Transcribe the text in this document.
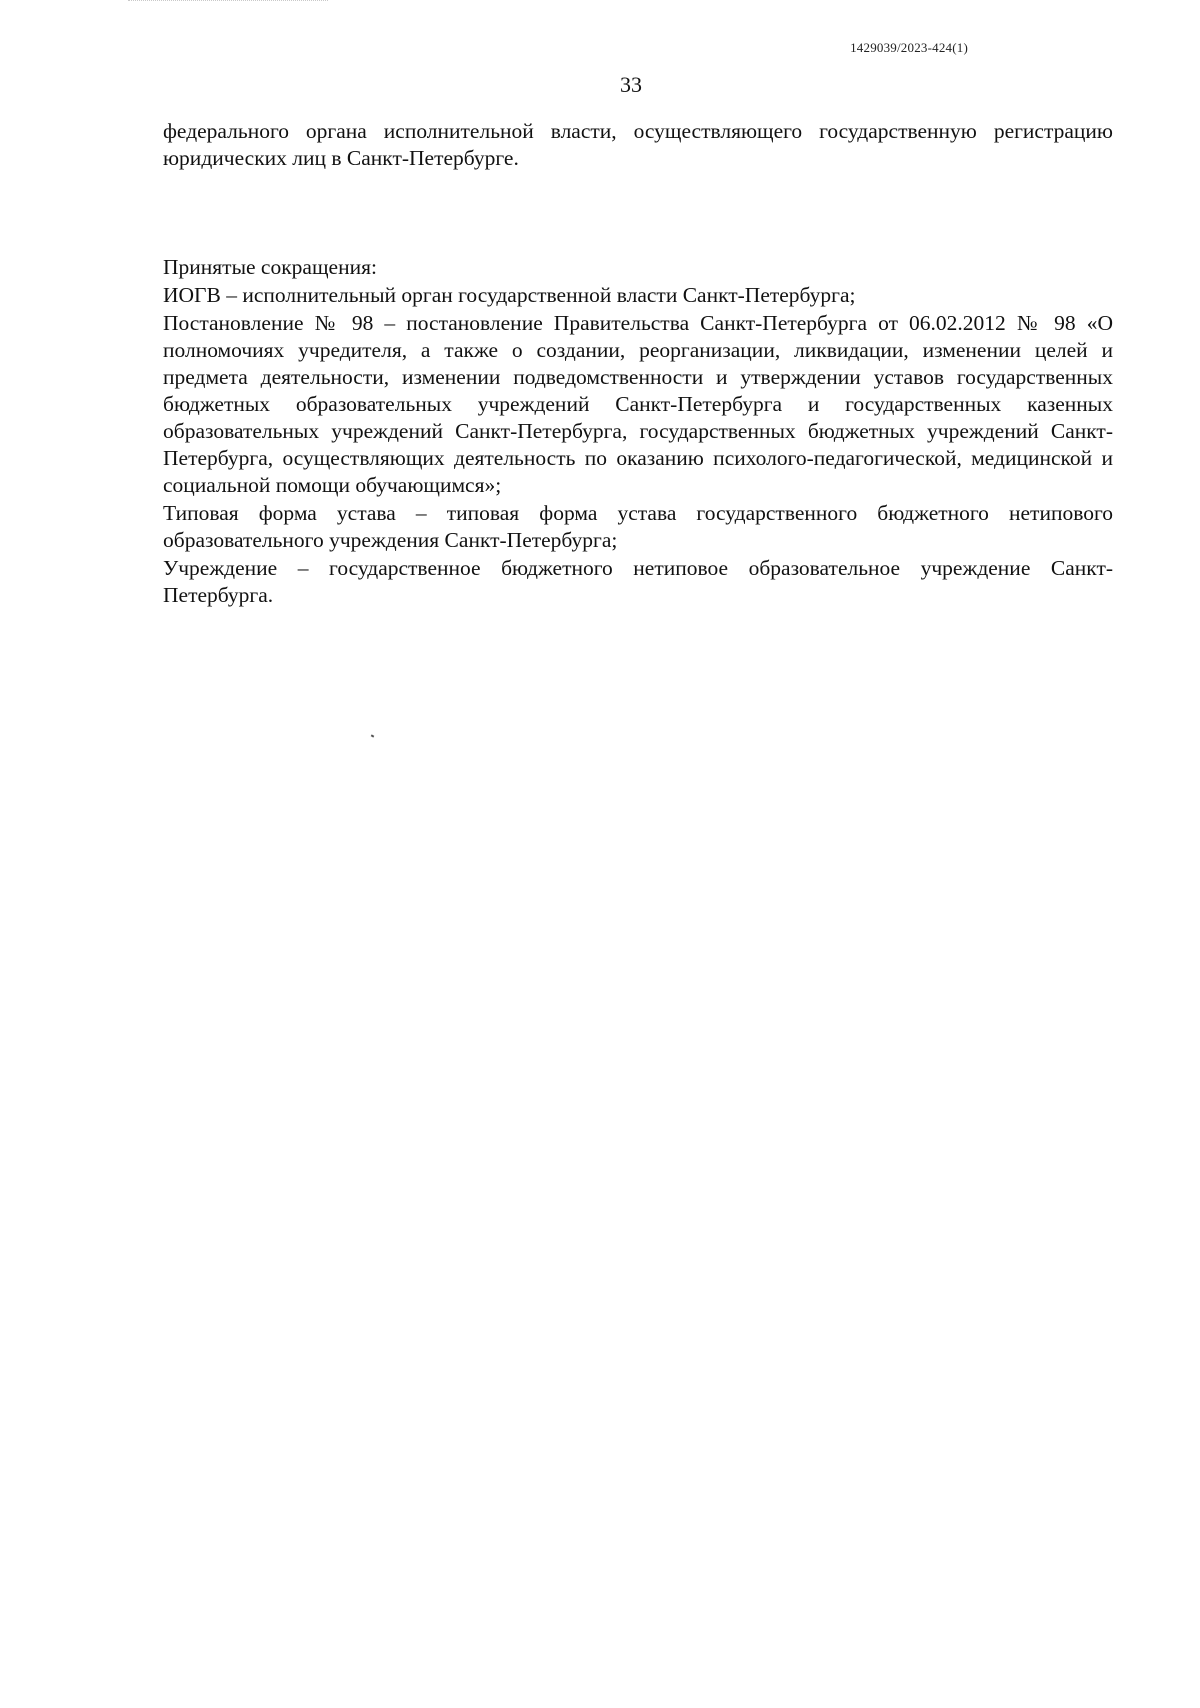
1429039/2023-424(1)
33

федерального органа исполнительной власти, осуществляющего государственную регистрацию юридических лиц в Санкт-Петербурге.

Принятые сокращения:

ИОГВ – исполнительный орган государственной власти Санкт-Петербурга;

Постановление № 98 – постановление Правительства Санкт-Петербурга от 06.02.2012 № 98 «О полномочиях учредителя, а также о создании, реорганизации, ликвидации, изменении целей и предмета деятельности, изменении подведомственности и утверждении уставов государственных бюджетных образовательных учреждений Санкт-Петербурга и государственных казенных образовательных учреждений Санкт-Петербурга, государственных бюджетных учреждений Санкт-Петербурга, осуществляющих деятельность по оказанию психолого-педагогической, медицинской и социальной помощи обучающимся»;

Типовая форма устава – типовая форма устава государственного бюджетного нетипового образовательного учреждения Санкт-Петербурга;

Учреждение – государственное бюджетного нетиповое образовательное учреждение Санкт-Петербурга.
